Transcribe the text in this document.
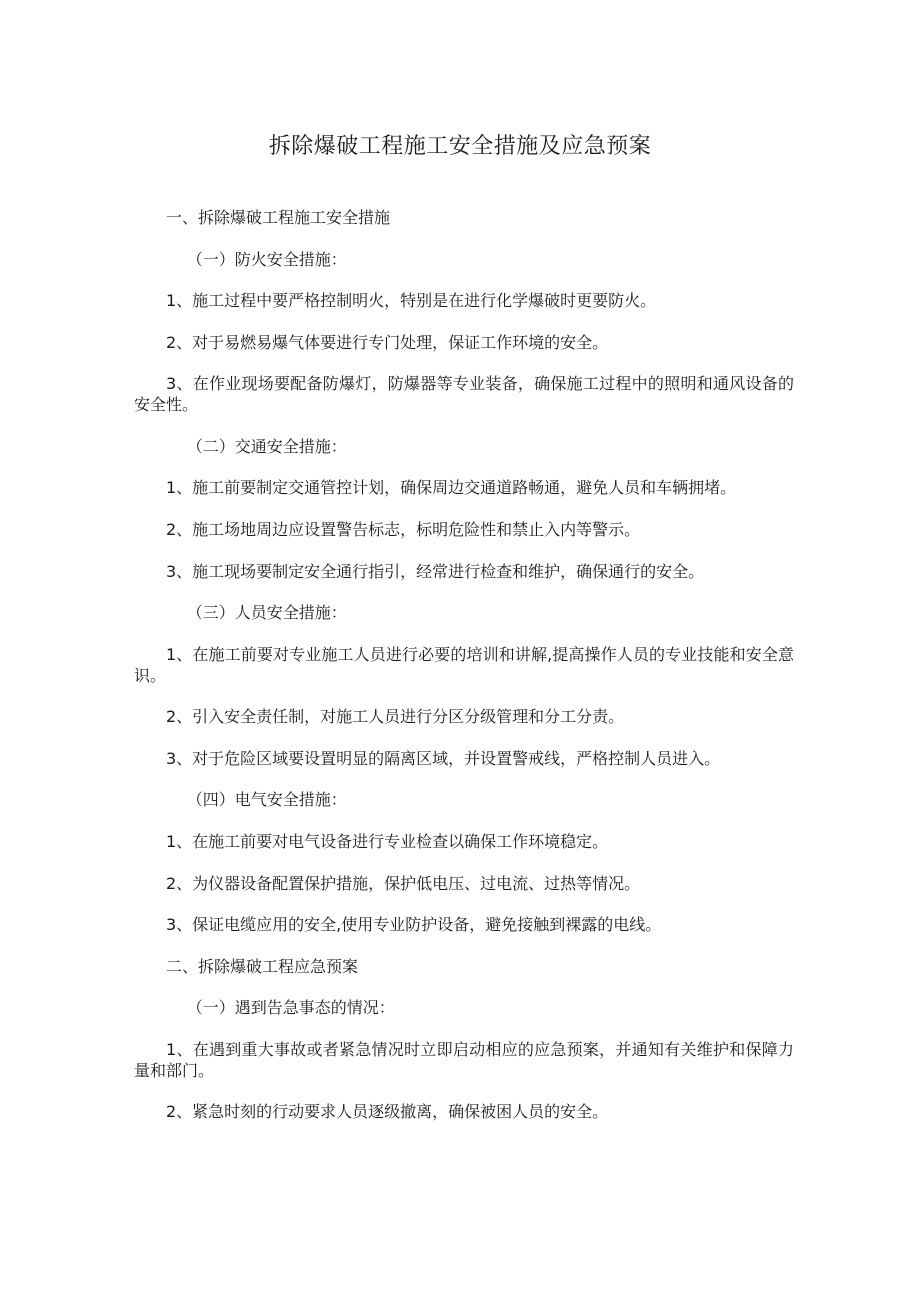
拆除爆破工程施工安全措施及应急预案

一、拆除爆破工程施工安全措施

（一）防火安全措施：

1、施工过程中要严格控制明火，特别是在进行化学爆破时更要防火。

2、对于易燃易爆气体要进行专门处理，保证工作环境的安全。

3、在作业现场要配备防爆灯，防爆器等专业装备，确保施工过程中的照明和通风设备的安全性。

（二）交通安全措施：

1、施工前要制定交通管控计划，确保周边交通道路畅通，避免人员和车辆拥堵。

2、施工场地周边应设置警告标志，标明危险性和禁止入内等警示。

3、施工现场要制定安全通行指引，经常进行检查和维护，确保通行的安全。

（三）人员安全措施：

1、在施工前要对专业施工人员进行必要的培训和讲解,提高操作人员的专业技能和安全意识。

2、引入安全责任制，对施工人员进行分区分级管理和分工分责。

3、对于危险区域要设置明显的隔离区域，并设置警戒线，严格控制人员进入。

（四）电气安全措施：

1、在施工前要对电气设备进行专业检查以确保工作环境稳定。

2、为仪器设备配置保护措施，保护低电压、过电流、过热等情况。

3、保证电缆应用的安全,使用专业防护设备，避免接触到裸露的电线。

二、拆除爆破工程应急预案

（一）遇到告急事态的情况：

1、在遇到重大事故或者紧急情况时立即启动相应的应急预案，并通知有关维护和保障力量和部门。

2、紧急时刻的行动要求人员逐级撤离，确保被困人员的安全。
